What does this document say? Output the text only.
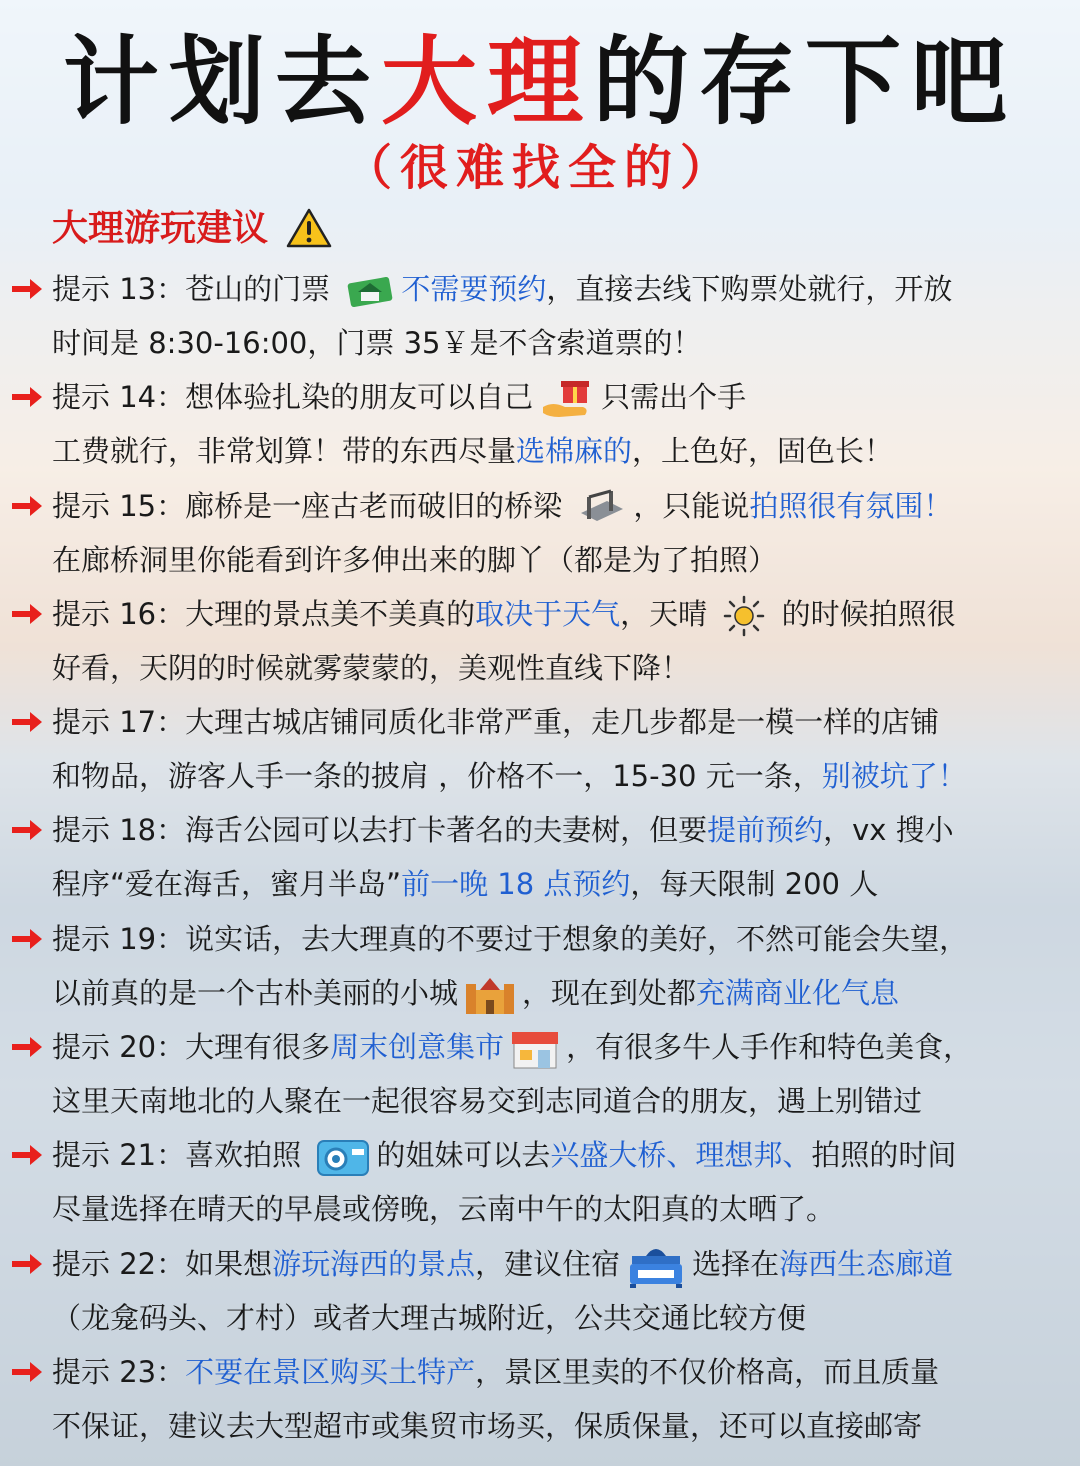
计划去大理的存下吧
（很难找全的）
大理游玩建议
提示 13：苍山的门票 不需要预约，直接去线下购票处就行，开放
时间是 8:30-16:00，门票 35￥是不含索道票的！
提示 14：想体验扎染的朋友可以自己 只需出个手
工费就行，非常划算！带的东西尽量选棉麻的，上色好，固色长！
提示 15：廊桥是一座古老而破旧的桥梁 ，只能说拍照很有氛围！
在廊桥洞里你能看到许多伸出来的脚丫（都是为了拍照）
提示 16：大理的景点美不美真的取决于天气，天晴  的时候拍照很
好看，天阴的时候就雾蒙蒙的，美观性直线下降！
提示 17：大理古城店铺同质化非常严重，走几步都是一模一样的店铺
和物品，游客人手一条的披肩 ，价格不一，15-30 元一条，别被坑了！
提示 18：海舌公园可以去打卡著名的夫妻树，但要提前预约，vx 搜小
程序“爱在海舌，蜜月半岛”前一晚 18 点预约，每天限制 200 人
提示 19：说实话，去大理真的不要过于想象的美好，不然可能会失望，
以前真的是一个古朴美丽的小城 ，现在到处都充满商业化气息
提示 20：大理有很多周末创意集市 ，有很多牛人手作和特色美食，
这里天南地北的人聚在一起很容易交到志同道合的朋友，遇上别错过
提示 21：喜欢拍照 的姐妹可以去兴盛大桥、理想邦、拍照的时间
尽量选择在晴天的早晨或傍晚，云南中午的太阳真的太晒了。
提示 22：如果想游玩海西的景点，建议住宿 选择在海西生态廊道
（龙龛码头、才村）或者大理古城附近，公共交通比较方便
提示 23：不要在景区购买土特产，景区里卖的不仅价格高，而且质量
不保证，建议去大型超市或集贸市场买，保质保量，还可以直接邮寄
